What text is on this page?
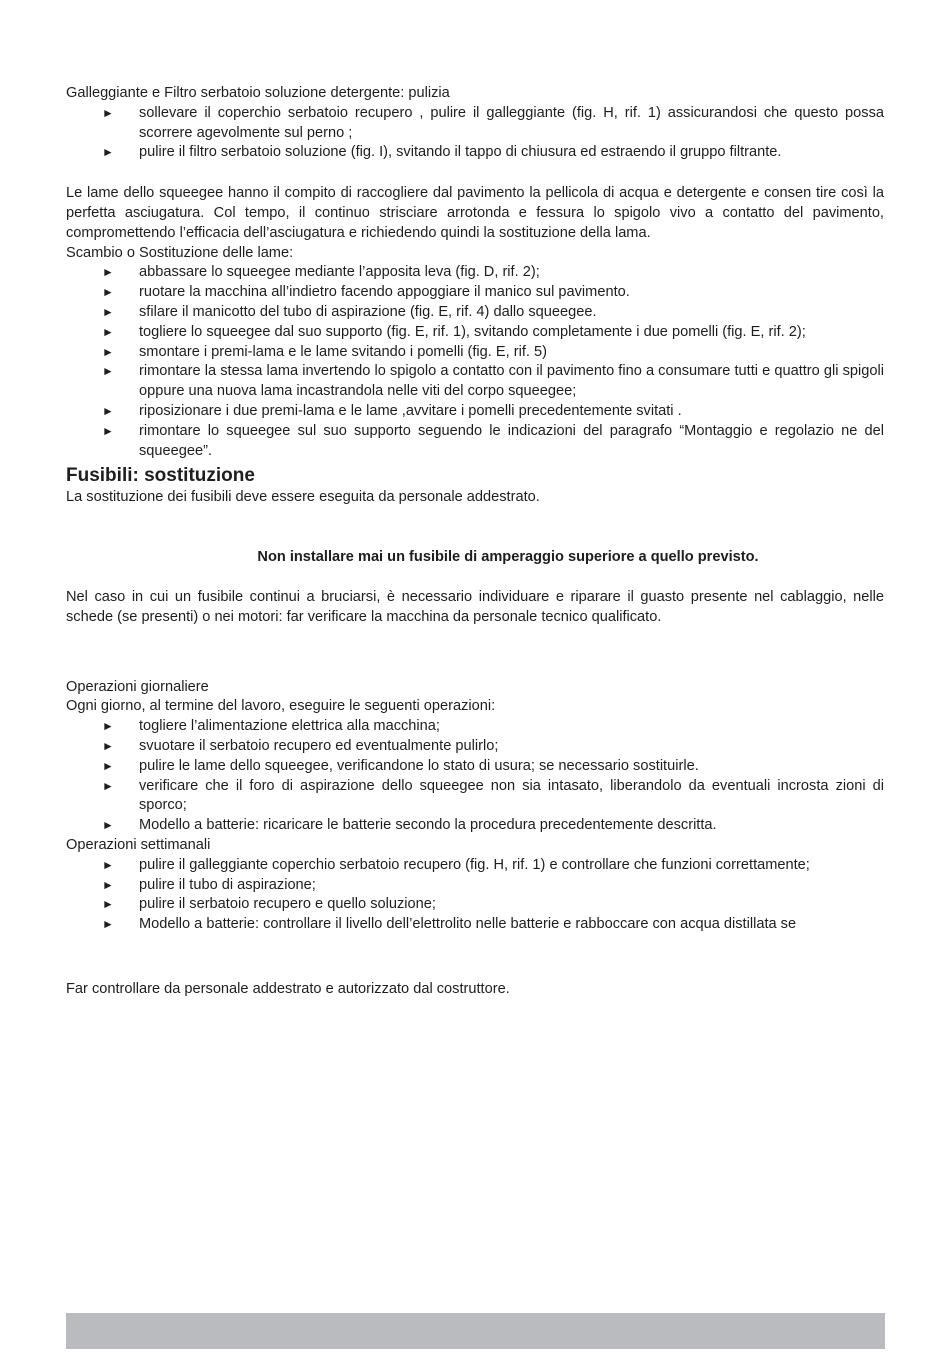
Galleggiante e Filtro serbatoio soluzione detergente: pulizia

► sollevare il coperchio serbatoio recupero , pulire il galleggiante (fig. H, rif. 1) assicurandosi che questo possa scorrere agevolmente sul perno ;
► pulire il filtro serbatoio soluzione (fig. I), svitando il tappo di chiusura ed estraendo il gruppo filtrante.

Le lame dello squeegee hanno il compito di raccogliere dal pavimento la pellicola di acqua e detergente e consen tire così la perfetta asciugatura. Col tempo, il continuo strisciare arrotonda e fessura lo spigolo vivo a contatto del pavimento, compromettendo l’efficacia dell’asciugatura e richiedendo quindi la sostituzione della lama.

Scambio o Sostituzione delle lame:

► abbassare lo squeegee mediante l’apposita leva (fig. D, rif. 2);
► ruotare la macchina all’indietro facendo appoggiare il manico sul pavimento.
► sfilare il manicotto del tubo di aspirazione (fig. E, rif. 4) dallo squeegee.
► togliere lo squeegee dal suo supporto (fig. E, rif. 1), svitando completamente i due pomelli (fig. E, rif. 2);
► smontare i premi-lama e le lame svitando i pomelli (fig. E, rif. 5)
► rimontare la stessa lama invertendo lo spigolo a contatto con il pavimento fino a consumare tutti e quattro gli spigoli oppure una nuova lama incastrandola nelle viti del corpo squeegee;
► riposizionare i due premi-lama e le lame ,avvitare i pomelli precedentemente svitati .
► rimontare lo squeegee sul suo supporto seguendo le indicazioni del paragrafo “Montaggio e regolazio ne del squeegee”.

Fusibili: sostituzione

La sostituzione dei fusibili deve essere eseguita da personale addestrato.

Non installare mai un fusibile di amperaggio superiore a quello previsto.

Nel caso in cui un fusibile continui a bruciarsi, è necessario individuare e riparare il guasto presente nel cablaggio, nelle schede (se presenti) o nei motori: far verificare la macchina da personale tecnico qualificato.

Operazioni giornaliere

Ogni giorno, al termine del lavoro, eseguire le seguenti operazioni:

► togliere l’alimentazione elettrica alla macchina;
► svuotare il serbatoio recupero ed eventualmente pulirlo;
► pulire le lame dello squeegee, verificandone lo stato di usura; se necessario sostituirle.
► verificare che il foro di aspirazione dello squeegee non sia intasato, liberandolo da eventuali incrosta zioni di sporco;
► Modello a batterie: ricaricare le batterie secondo la procedura precedentemente descritta.

Operazioni settimanali

► pulire il galleggiante coperchio serbatoio recupero (fig. H, rif. 1) e controllare che funzioni correttamente;
► pulire il tubo di aspirazione;
► pulire il serbatoio recupero e quello soluzione;
► Modello a batterie: controllare il livello dell’elettrolito nelle batterie e rabboccare con acqua distillata se

Far controllare da personale addestrato e autorizzato dal costruttore.
